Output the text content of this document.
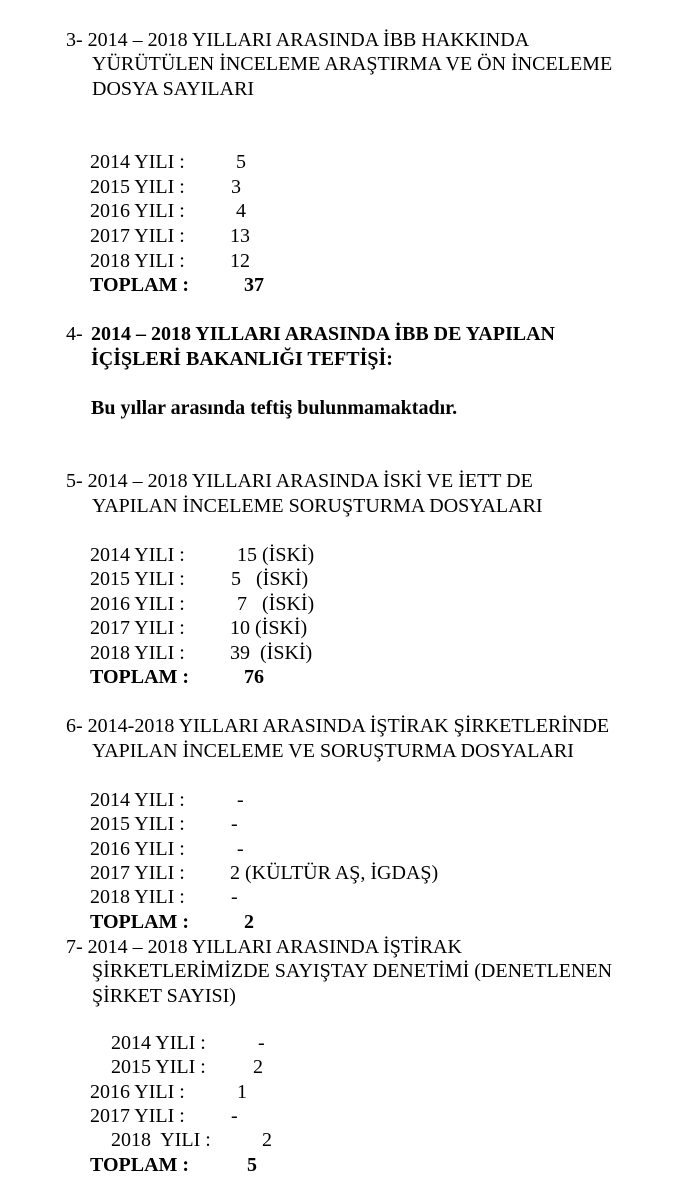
3- 2014 – 2018 YILLARI ARASINDA İBB HAKKINDA
YÜRÜTÜLEN İNCELEME ARAŞTIRMA VE ÖN İNCELEME
DOSYA SAYILARI
2014 YILI :	5
2015 YILI : 3
2016 YILI :	4
2017 YILI : 13
2018 YILI : 12
TOPLAM :	37
4- 2014 – 2018 YILLARI ARASINDA İBB DE YAPILAN
İÇİŞLERİ BAKANLIĞI TEFTİŞİ:
Bu yıllar arasında teftiş bulunmamaktadır.
5- 2014 – 2018 YILLARI ARASINDA İSKİ VE İETT DE
YAPILAN İNCELEME SORUŞTURMA DOSYALARI
2014 YILI :	15 (İSKİ)
2015 YILI : 5   (İSKİ)
2016 YILI :	7   (İSKİ)
2017 YILI : 10 (İSKİ)
2018 YILI : 39  (İSKİ)
TOPLAM :	76
6- 2014-2018 YILLARI ARASINDA İŞTİRAK ŞİRKETLERİNDE
YAPILAN İNCELEME VE SORUŞTURMA DOSYALARI
2014 YILI :	-
2015 YILI : -
2016 YILI :	-
2017 YILI : 2 (KÜLTÜR AŞ, İGDAŞ)
2018 YILI : -
TOPLAM :	2
7- 2014 – 2018 YILLARI ARASINDA İŞTİRAK
ŞİRKETLERİMİZDE SAYIŞTAY DENETİMİ (DENETLENEN
ŞİRKET SAYISI)
2014 YILI :	-
2015 YILI : 2
2016 YILI :	1
2017 YILI : -
2018  YILI :	2
TOPLAM :	5
